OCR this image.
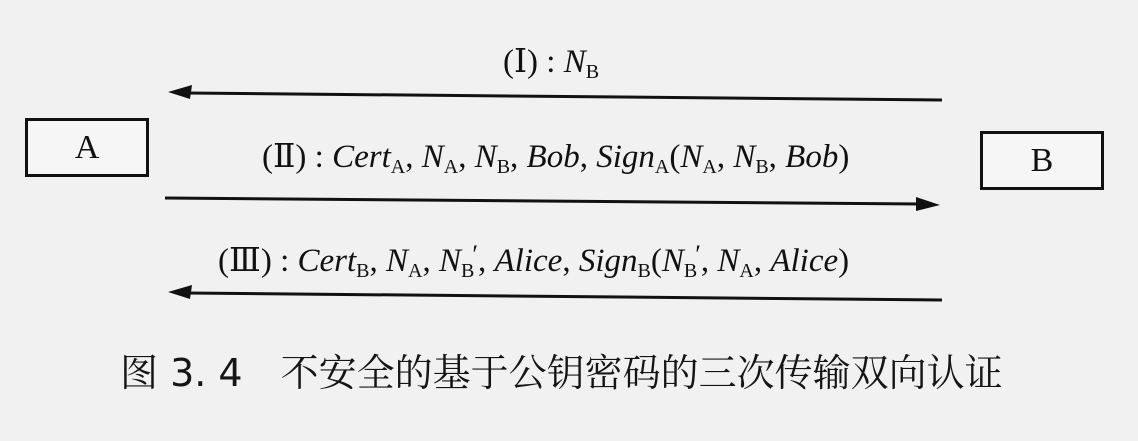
A	B
(Ⅰ) : $N_B$
(Ⅱ) : Cert$_A$, $N_A$, $N_B$, Bob, $Sign_A(N_A$, $N_B$, Bob)
(Ⅲ) : Cert$_B$, $N_A$, $N_B'$, Alice, $Sign_B(N_B'$, $N_A$, Alice)
图 3. 4 不安全的基于公钥密码的三次传输双向认证
